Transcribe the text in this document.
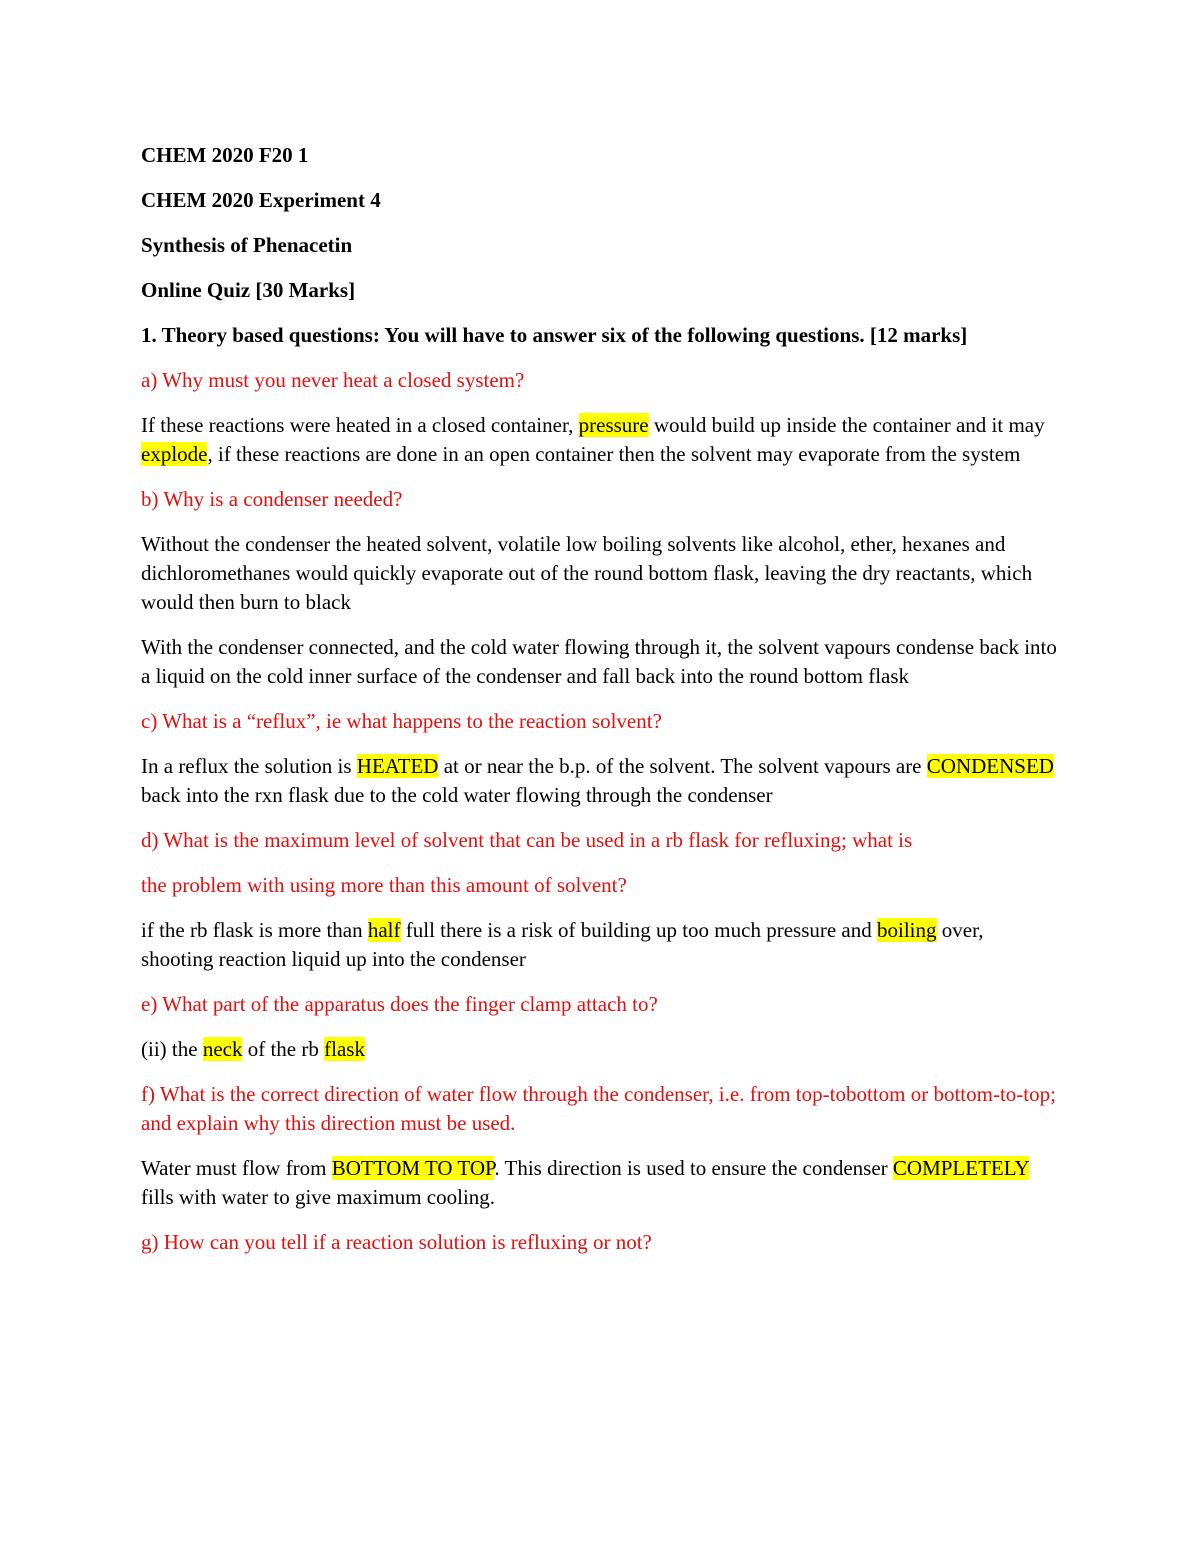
CHEM 2020 F20 1

CHEM 2020 Experiment 4

Synthesis of Phenacetin

Online Quiz [30 Marks]

1. Theory based questions: You will have to answer six of the following questions. [12 marks]

a) Why must you never heat a closed system?

If these reactions were heated in a closed container, pressure would build up inside the container and it may explode, if these reactions are done in an open container then the solvent may evaporate from the system

b) Why is a condenser needed?

Without the condenser the heated solvent, volatile low boiling solvents like alcohol, ether, hexanes and dichloromethanes would quickly evaporate out of the round bottom flask, leaving the dry reactants, which would then burn to black

With the condenser connected, and the cold water flowing through it, the solvent vapours condense back into a liquid on the cold inner surface of the condenser and fall back into the round bottom flask

c) What is a “reflux”, ie what happens to the reaction solvent?

In a reflux the solution is HEATED at or near the b.p. of the solvent. The solvent vapours are CONDENSED back into the rxn flask due to the cold water flowing through the condenser

d) What is the maximum level of solvent that can be used in a rb flask for refluxing; what is

the problem with using more than this amount of solvent?

if the rb flask is more than half full there is a risk of building up too much pressure and boiling over, shooting reaction liquid up into the condenser

e) What part of the apparatus does the finger clamp attach to?

(ii) the neck of the rb flask

f) What is the correct direction of water flow through the condenser, i.e. from top-tobottom or bottom-to-top; and explain why this direction must be used.

Water must flow from BOTTOM TO TOP. This direction is used to ensure the condenser COMPLETELY fills with water to give maximum cooling.

g) How can you tell if a reaction solution is refluxing or not?
